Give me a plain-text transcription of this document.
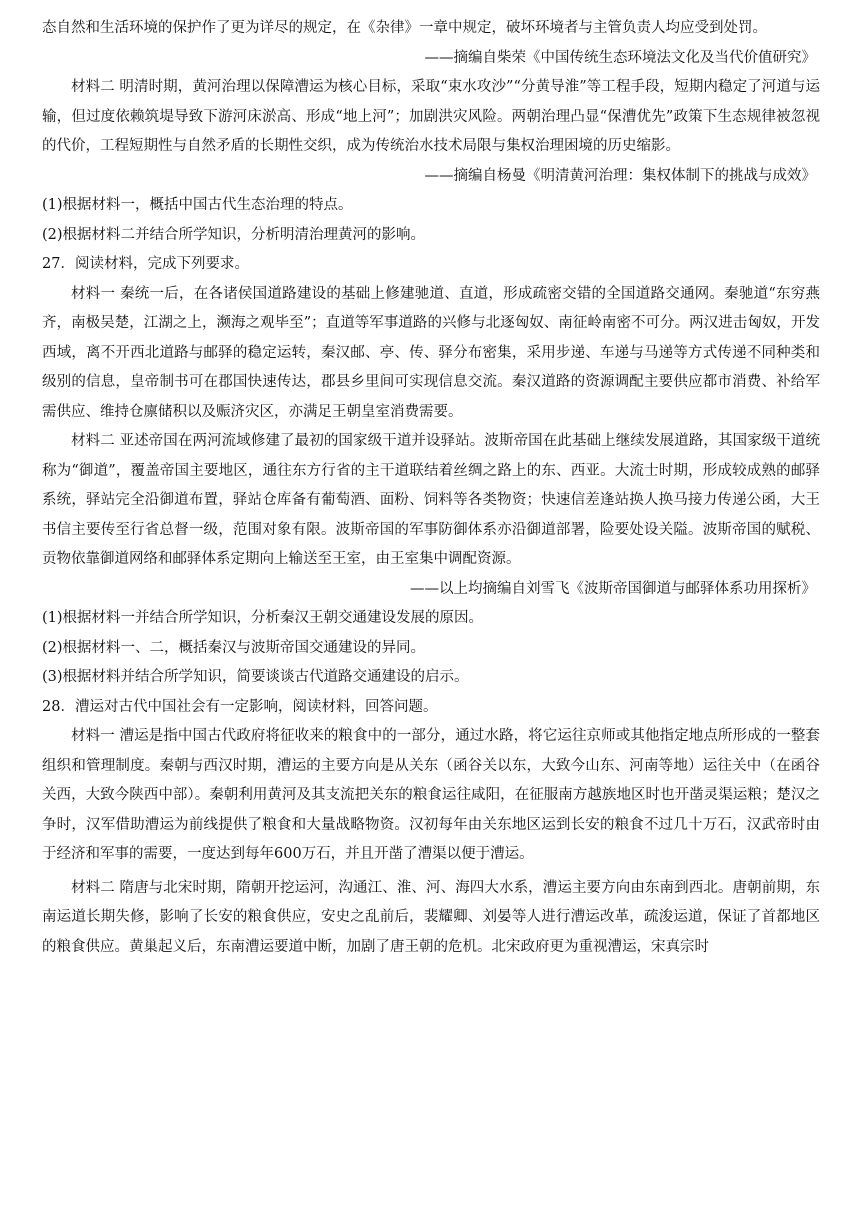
态自然和生活环境的保护作了更为详尽的规定，在《杂律》一章中规定，破坏环境者与主管负责人均应受到处罚。

——摘编自柴荣《中国传统生态环境法文化及当代价值研究》

材料二 明清时期，黄河治理以保障漕运为核心目标，采取“束水攻沙”“分黄导淮”等工程手段，短期内稳定了河道与运输，但过度依赖筑堤导致下游河床淤高、形成“地上河”；加剧洪灾风险。两朝治理凸显“保漕优先”政策下生态规律被忽视的代价，工程短期性与自然矛盾的长期性交织，成为传统治水技术局限与集权治理困境的历史缩影。

——摘编自杨曼《明清黄河治理：集权体制下的挑战与成效》

(1)根据材料一，概括中国古代生态治理的特点。

(2)根据材料二并结合所学知识，分析明清治理黄河的影响。

27．阅读材料，完成下列要求。

材料一 秦统一后，在各诸侯国道路建设的基础上修建驰道、直道，形成疏密交错的全国道路交通网。秦驰道“东穷燕齐，南极吴楚，江湖之上，濒海之观毕至”；直道等军事道路的兴修与北逐匈奴、南征岭南密不可分。两汉进击匈奴，开发西域，离不开西北道路与邮驿的稳定运转，秦汉邮、亭、传、驿分布密集，采用步递、车递与马递等方式传递不同种类和级别的信息，皇帝制书可在郡国快速传达，郡县乡里间可实现信息交流。秦汉道路的资源调配主要供应都市消费、补给军需供应、维持仓廪储积以及赈济灾区，亦满足王朝皇室消费需要。

材料二 亚述帝国在两河流域修建了最初的国家级干道并设驿站。波斯帝国在此基础上继续发展道路，其国家级干道统称为“御道”，覆盖帝国主要地区，通往东方行省的主干道联结着丝绸之路上的东、西亚。大流士时期，形成较成熟的邮驿系统，驿站完全沿御道布置，驿站仓库备有葡萄酒、面粉、饲料等各类物资；快速信差逢站换人换马接力传递公函，大王书信主要传至行省总督一级，范围对象有限。波斯帝国的军事防御体系亦沿御道部署，险要处设关隘。波斯帝国的赋税、贡物依靠御道网络和邮驿体系定期向上输送至王室，由王室集中调配资源。

——以上均摘编自刘雪飞《波斯帝国御道与邮驿体系功用探析》

(1)根据材料一并结合所学知识，分析秦汉王朝交通建设发展的原因。

(2)根据材料一、二，概括秦汉与波斯帝国交通建设的异同。

(3)根据材料并结合所学知识，简要谈谈古代道路交通建设的启示。

28．漕运对古代中国社会有一定影响，阅读材料，回答问题。

材料一 漕运是指中国古代政府将征收来的粮食中的一部分，通过水路，将它运往京师或其他指定地点所形成的一整套组织和管理制度。秦朝与西汉时期，漕运的主要方向是从关东（函谷关以东，大致今山东、河南等地）运往关中（在函谷关西，大致今陕西中部）。秦朝利用黄河及其支流把关东的粮食运往咸阳，在征服南方越族地区时也开凿灵渠运粮；楚汉之争时，汉军借助漕运为前线提供了粮食和大量战略物资。汉初每年由关东地区运到长安的粮食不过几十万石，汉武帝时由于经济和军事的需要，一度达到每年600万石，并且开凿了漕渠以便于漕运。

材料二 隋唐与北宋时期，隋朝开挖运河，沟通江、淮、河、海四大水系，漕运主要方向由东南到西北。唐朝前期，东南运道长期失修，影响了长安的粮食供应，安史之乱前后，裴耀卿、刘晏等人进行漕运改革，疏浚运道，保证了首都地区的粮食供应。黄巢起义后，东南漕运要道中断，加剧了唐王朝的危机。北宋政府更为重视漕运，宋真宗时
